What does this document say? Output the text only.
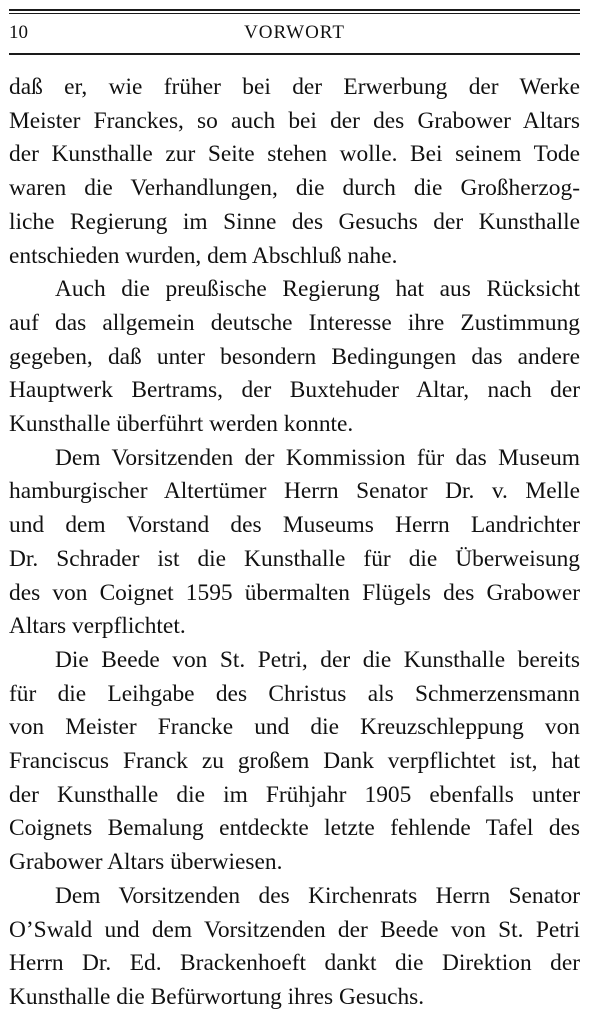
10	VORWORT

daß er, wie früher bei der Erwerbung der Werke
Meister Franckes, so auch bei der des Grabower Altars
der Kunsthalle zur Seite stehen wolle. Bei seinem Tode
waren die Verhandlungen, die durch die Großherzog-
liche Regierung im Sinne des Gesuchs der Kunsthalle
entschieden wurden, dem Abschluß nahe.

Auch die preußische Regierung hat aus Rücksicht
auf das allgemein deutsche Interesse ihre Zustimmung
gegeben, daß unter besondern Bedingungen das andere
Hauptwerk Bertrams, der Buxtehuder Altar, nach der
Kunsthalle überführt werden konnte.

Dem Vorsitzenden der Kommission für das Museum
hamburgischer Altertümer Herrn Senator Dr. v. Melle
und dem Vorstand des Museums Herrn Landrichter
Dr. Schrader ist die Kunsthalle für die Überweisung
des von Coignet 1595 übermalten Flügels des Grabower
Altars verpflichtet.

Die Beede von St. Petri, der die Kunsthalle bereits
für die Leihgabe des Christus als Schmerzensmann
von Meister Francke und die Kreuzschleppung von
Franciscus Franck zu großem Dank verpflichtet ist, hat
der Kunsthalle die im Frühjahr 1905 ebenfalls unter
Coignets Bemalung entdeckte letzte fehlende Tafel des
Grabower Altars überwiesen.

Dem Vorsitzenden des Kirchenrats Herrn Senator
O’Swald und dem Vorsitzenden der Beede von St. Petri
Herrn Dr. Ed. Brackenhoeft dankt die Direktion der
Kunsthalle die Befürwortung ihres Gesuchs.
